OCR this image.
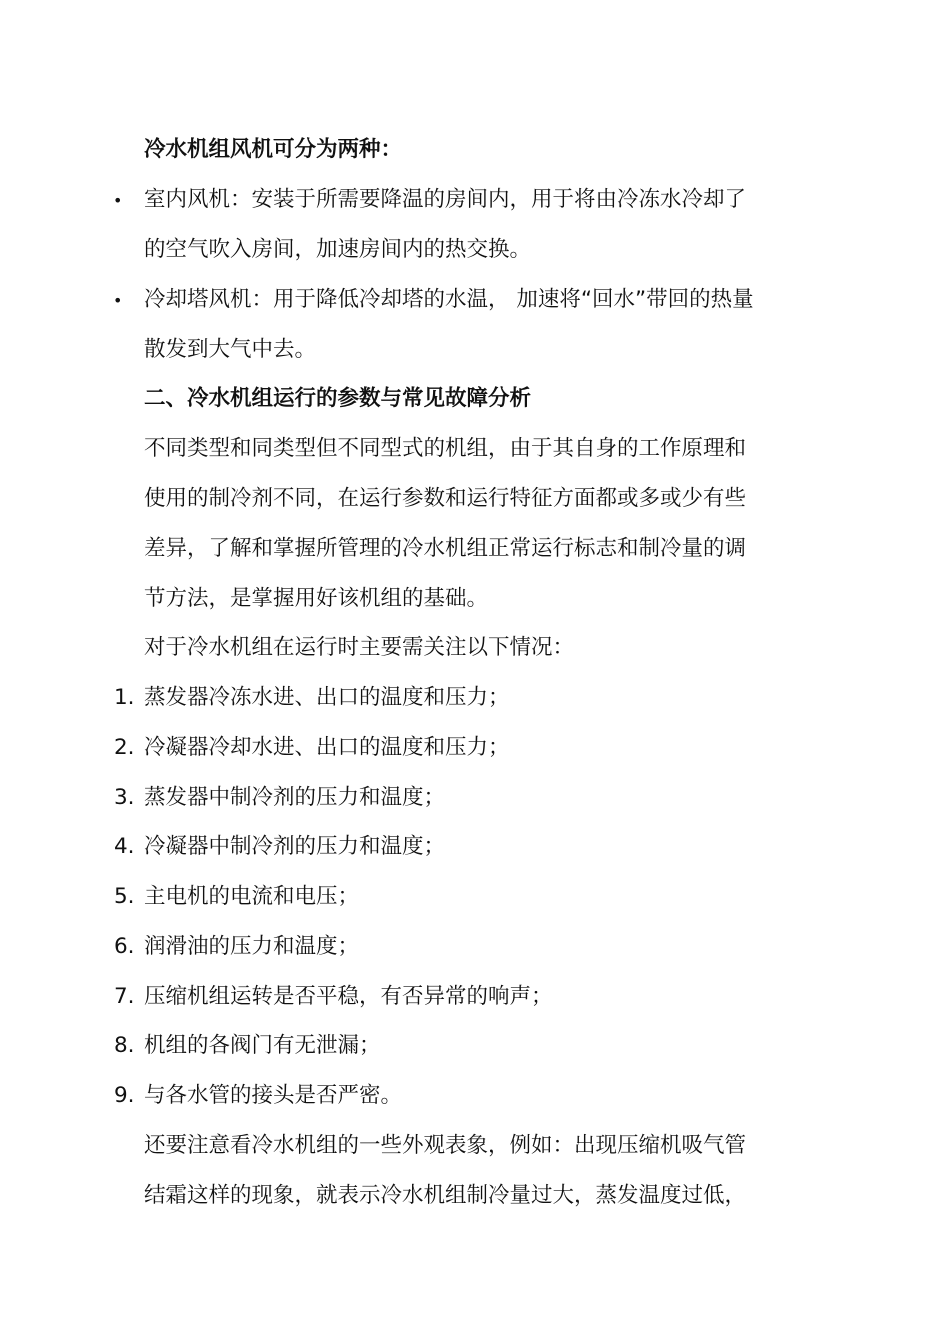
冷水机组风机可分为两种：
• 室内风机：安装于所需要降温的房间内，用于将由冷冻水冷却了
的空气吹入房间，加速房间内的热交换。
• 冷却塔风机：用于降低冷却塔的水温， 加速将“回水”带回的热量
散发到大气中去。
二、冷水机组运行的参数与常见故障分析
不同类型和同类型但不同型式的机组，由于其自身的工作原理和
使用的制冷剂不同，在运行参数和运行特征方面都或多或少有些
差异，了解和掌握所管理的冷水机组正常运行标志和制冷量的调
节方法，是掌握用好该机组的基础。
对于冷水机组在运行时主要需关注以下情况：
1. 蒸发器冷冻水进、出口的温度和压力；
2. 冷凝器冷却水进、出口的温度和压力；
3. 蒸发器中制冷剂的压力和温度；
4. 冷凝器中制冷剂的压力和温度；
5. 主电机的电流和电压；
6. 润滑油的压力和温度；
7. 压缩机组运转是否平稳，有否异常的响声；
8. 机组的各阀门有无泄漏；
9. 与各水管的接头是否严密。
还要注意看冷水机组的一些外观表象，例如：出现压缩机吸气管
结霜这样的现象，就表示冷水机组制冷量过大，蒸发温度过低，
